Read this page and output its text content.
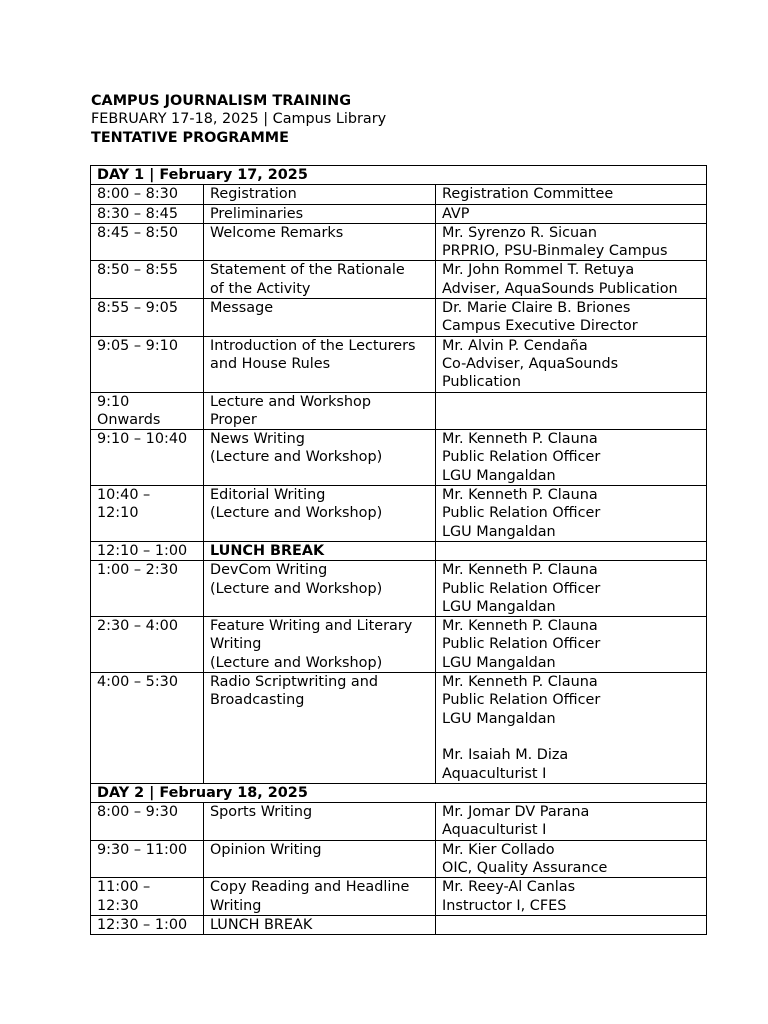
CAMPUS JOURNALISM TRAINING
FEBRUARY 17-18, 2025 | Campus Library
TENTATIVE PROGRAMME
DAY 1 | February 17, 2025		

8:00 – 8:30	Registration	Registration Committee

8:30 – 8:45	Preliminaries	AVP

8:45 – 8:50	Welcome Remarks	Mr. Syrenzo R. Sicuan
PRPRIO, PSU-Binmaley Campus

8:50 – 8:55	Statement of the Rationale
of the Activity	Mr. John Rommel T. Retuya
Adviser, AquaSounds Publication

8:55 – 9:05	Message	Dr. Marie Claire B. Briones
Campus Executive Director

9:05 – 9:10	Introduction of the Lecturers
and House Rules	Mr. Alvin P. Cendaña
Co-Adviser, AquaSounds
Publication

9:10
Onwards	Lecture and Workshop
Proper	

9:10 – 10:40	News Writing
(Lecture and Workshop)	Mr. Kenneth P. Clauna
Public Relation Officer
LGU Mangaldan

10:40 –
12:10	Editorial Writing
(Lecture and Workshop)	Mr. Kenneth P. Clauna
Public Relation Officer
LGU Mangaldan

12:10 – 1:00	LUNCH BREAK	

1:00 – 2:30	DevCom Writing
(Lecture and Workshop)	Mr. Kenneth P. Clauna
Public Relation Officer
LGU Mangaldan

2:30 – 4:00	Feature Writing and Literary
Writing
(Lecture and Workshop)	Mr. Kenneth P. Clauna
Public Relation Officer
LGU Mangaldan

4:00 – 5:30	Radio Scriptwriting and
Broadcasting	Mr. Kenneth P. Clauna
Public Relation Officer
LGU Mangaldan
Mr. Isaiah M. Diza
Aquaculturist I

DAY 2 | February 18, 2025		

8:00 – 9:30	Sports Writing	Mr. Jomar DV Parana
Aquaculturist I

9:30 – 11:00	Opinion Writing	Mr. Kier Collado
OIC, Quality Assurance

11:00 –
12:30	Copy Reading and Headline
Writing	Mr. Reey-Al Canlas
Instructor I, CFES

12:30 – 1:00	LUNCH BREAK	
